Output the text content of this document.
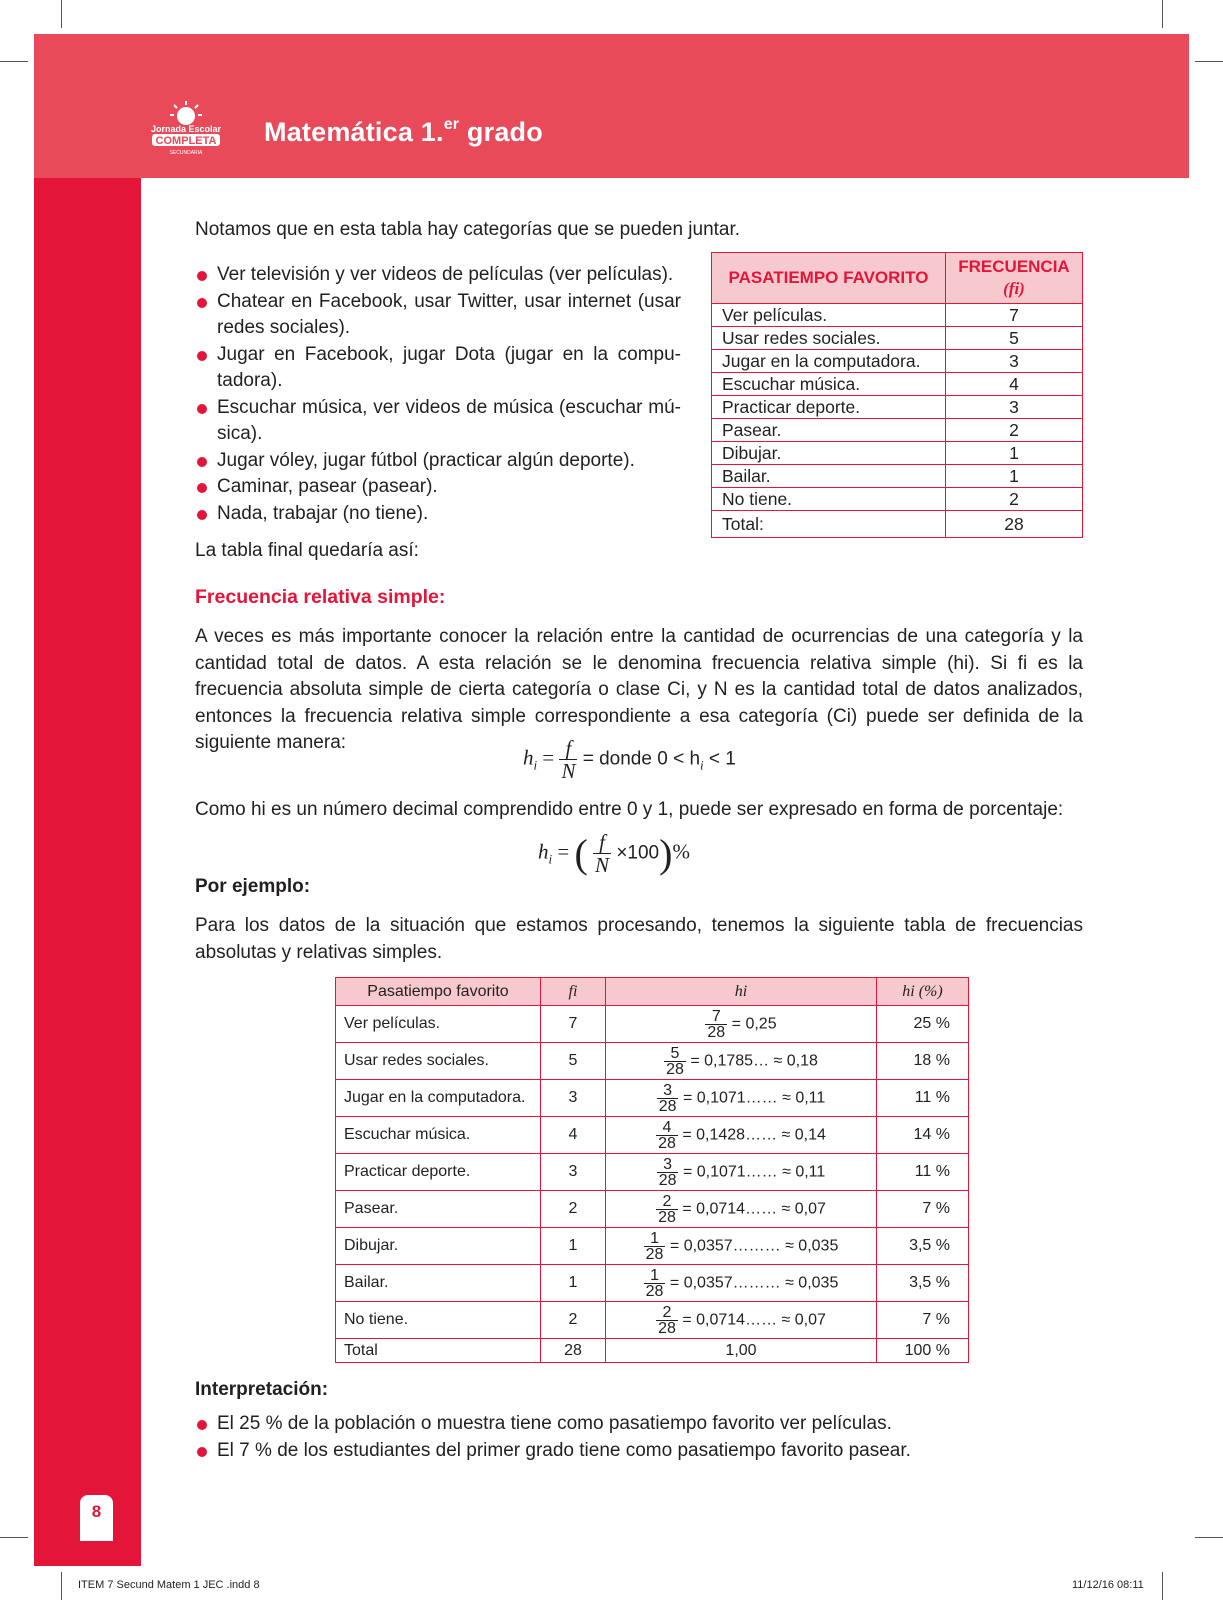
Jornada Escolar
COMPLETA
SECUNDARIA
Matemática 1.$^{er}$ grado
Notamos que en esta tabla hay categorías que se pueden juntar.
Ver televisión y ver videos de películas (ver películas).
Chatear en Facebook, usar Twitter, usar internet (usar redes sociales).
Jugar en Facebook, jugar Dota (jugar en la compu-tadora).
Escuchar música, ver videos de música (escuchar mú-sica).
Jugar vóley, jugar fútbol (practicar algún deporte).
Caminar, pasear (pasear).
Nada, trabajar (no tiene).
La tabla final quedaría así:
PASATIEMPO FAVORITO	FRECUENCIA
(fi)
Ver películas.	7
Usar redes sociales.	5
Jugar en la computadora.	3
Escuchar música.	4
Practicar deporte.	3
Pasear.	2
Dibujar.	1
Bailar.	1
No tiene.	2
Total:	28
Frecuencia relativa simple:
A veces es más importante conocer la relación entre la cantidad de ocurrencias de una categoría y la cantidad total de datos. A esta relación se le denomina frecuencia relativa simple (hi). Si fi es la frecuencia absoluta simple de cierta categoría o clase Ci, y N es la cantidad total de datos analizados, entonces la frecuencia relativa simple correspondiente a esa categoría (Ci) puede ser definida de la siguiente manera:
$h_i = \frac{f}{N}$ = donde $0 < h_i < 1$
Como hi es un número decimal comprendido entre 0 y 1, puede ser expresado en forma de porcentaje:
$h_i$ = ( $\frac{f}{N} \times 100)\%$
Por ejemplo:
Para los datos de la situación que estamos procesando, tenemos la siguiente tabla de frecuencias absolutas y relativas simples.
Pasatiempo favorito	fi	hi	hi (%)
Ver películas.	7	$\frac{7}{28} = 0,25$	25 %
Usar redes sociales.	5	$\frac{5}{28}$ = 0,1785… ≈ 0,18	18 %
Jugar en la computadora.	3	$\frac{3}{28}$ = 0,1071…… ≈ 0,11	11 %
Escuchar música.	4	$\frac{4}{28}$ = 0,1428…… ≈ 0,14	14 %
Practicar deporte.	3	$\frac{3}{28}$ = 0,1071…… ≈ 0,11	11 %
Pasear.	2	$\frac{2}{28}$ = 0,0714…… ≈ 0,07	7 %
Dibujar.	1	$\frac{1}{28}$ = 0,0357……… ≈ 0,035	3,5 %
Bailar.	1	$\frac{1}{28}$ = 0,0357……… ≈ 0,035	3,5 %
No tiene.	2	$\frac{2}{28}$ = 0,0714…… ≈ 0,07	7 %
Total	28	1,00	100 %
Interpretación:
El 25 % de la población o muestra tiene como pasatiempo favorito ver películas.
El 7 % de los estudiantes del primer grado tiene como pasatiempo favorito pasear.
8
ITEM 7 Secund Matem 1 JEC .indd 8	11/12/16 08:11
